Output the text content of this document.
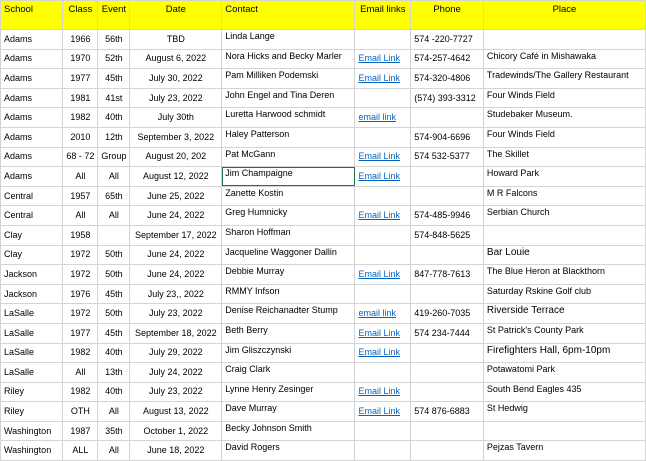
School	Class	Event	Date	Contact	Email links	Phone	Place
Adams	1966	56th	TBD	Linda Lange		574 -220-7727	
Adams	1970	52th	August 6, 2022	Nora Hicks and Becky Marler	Email Link	574-257-4642	Chicory Café in Mishawaka
Adams	1977	45th	July 30, 2022	Pam Milliken Podemski	Email Link	574-320-4806	Tradewinds/The Gallery Restaurant
Adams	1981	41st	July 23, 2022	John Engel and Tina Deren		(574) 393-3312	Four Winds Field
Adams	1982	40th	July 30th	Luretta Harwood schmidt	email link		Studebaker Museum.
Adams	2010	12th	September 3, 2022	Haley Patterson		574-904-6696	Four Winds Field
Adams	68 - 72	Group	August 20, 202	Pat McGann	Email Link	574 532-5377	The Skillet
Adams	All	All	August 12, 2022	Jim Champaigne	Email Link		Howard Park
Central	1957	65th	June 25, 2022	Zanette Kostin			M R Falcons
Central	All	All	June 24, 2022	Greg Humnicky	Email Link	574-485-9946	Serbian Church
Clay	1958		September 17, 2022	Sharon Hoffman		574-848-5625	
Clay	1972	50th	June 24, 2022	Jacqueline Waggoner Dallin			Bar Louie
Jackson	1972	50th	June 24, 2022	Debbie Murray	Email Link	847-778-7613	The Blue Heron at Blackthorn
Jackson	1976	45th	July 23,, 2022	RMMY Infson			Saturday Rskine Golf club
LaSalle	1972	50th	July 23, 2022	Denise Reichanadter Stump	email link	419-260-7035	Riverside Terrace
LaSalle	1977	45th	September 18, 2022	Beth Berry	Email Link	574 234-7444	St Patrick's County Park
LaSalle	1982	40th	July 29, 2022	Jim Gliszczynski	Email Link		Firefighters Hall, 6pm-10pm
LaSalle	All	13th	July 24, 2022	Craig Clark			Potawatomi Park
Riley	1982	40th	July 23, 2022	Lynne Henry Zesinger	Email Link		South Bend Eagles 435
Riley	OTH	All	August 13, 2022	Dave Murray	Email Link	574 876-6883	St Hedwig
Washington	1987	35th	October 1, 2022	Becky Johnson Smith			
Washington	ALL	All	June 18, 2022	David Rogers			Pejzas Tavern
